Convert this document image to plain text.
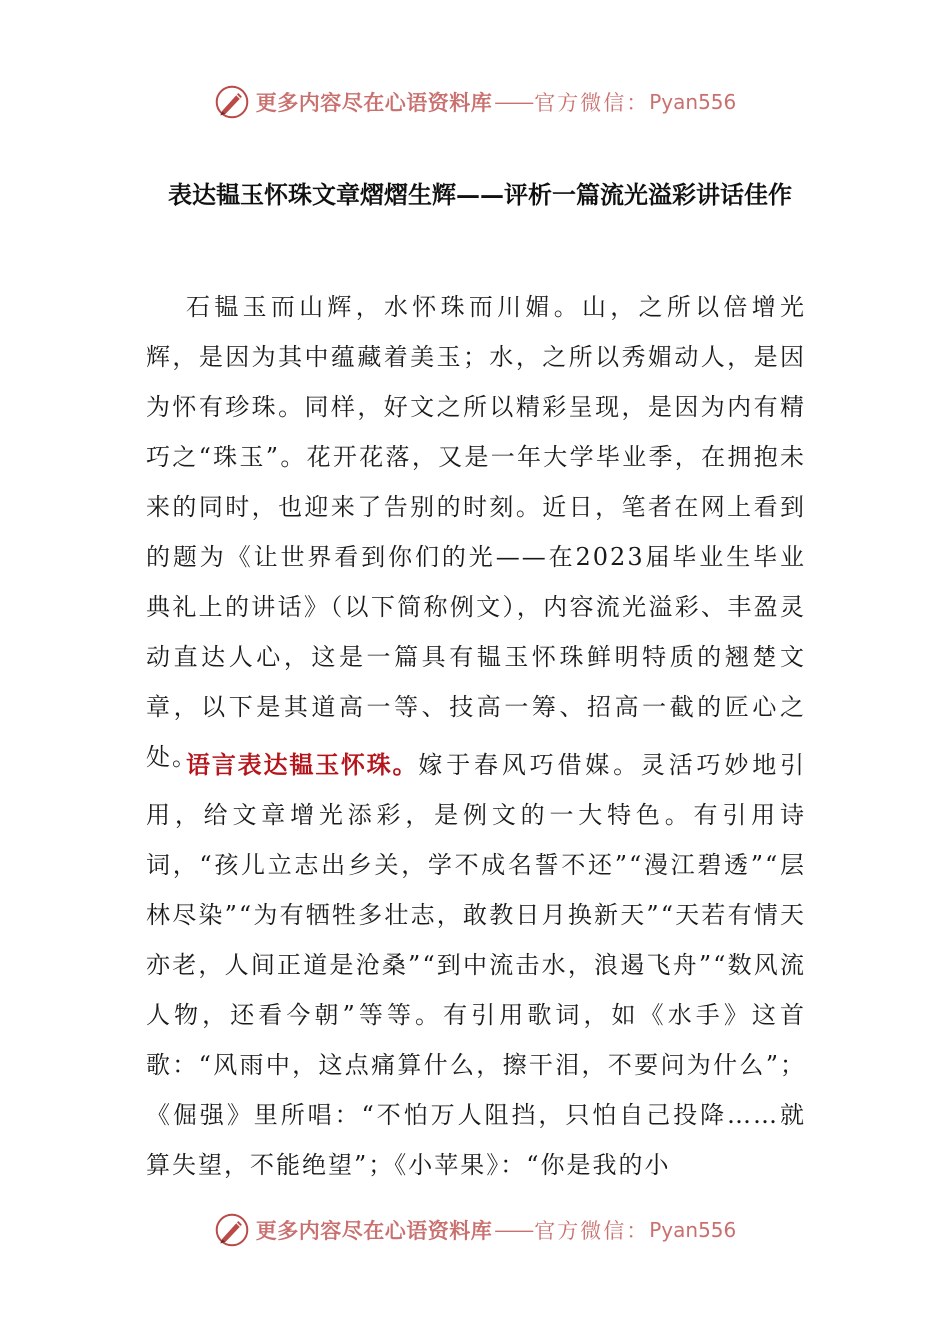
更多内容尽在心语资料库 —— 官方微信： Pyan556
表达韫玉怀珠文章熠熠生辉——评析一篇流光溢彩讲话佳作

石韫玉而山辉，水怀珠而川媚。山，之所以倍增光辉，是因为其中蕴藏着美玉；水，之所以秀媚动人，是因为怀有珍珠。同样，好文之所以精彩呈现，是因为内有精巧之“珠玉”。花开花落，又是一年大学毕业季，在拥抱未来的同时，也迎来了告别的时刻。近日，笔者在网上看到的题为《让世界看到你们的光——在2023届毕业生毕业典礼上的讲话》（以下简称例文），内容流光溢彩、丰盈灵动直达人心，这是一篇具有韫玉怀珠鲜明特质的翘楚文章，以下是其道高一等、技高一筹、招高一截的匠心之处。

语言表达韫玉怀珠。嫁于春风巧借媒。灵活巧妙地引用，给文章增光添彩，是例文的一大特色。有引用诗词，“孩儿立志出乡关，学不成名誓不还”“漫江碧透”“层林尽染”“为有牺牲多壮志，敢教日月换新天”“天若有情天亦老，人间正道是沧桑”“到中流击水，浪遏飞舟”“数风流人物，还看今朝”等等。有引用歌词，如《水手》这首歌：“风雨中，这点痛算什么，擦干泪，不要问为什么”；《倔强》里所唱：“不怕万人阻挡，只怕自己投降……就算失望，不能绝望”；《小苹果》：“你是我的小

更多内容尽在心语资料库 —— 官方微信： Pyan556
